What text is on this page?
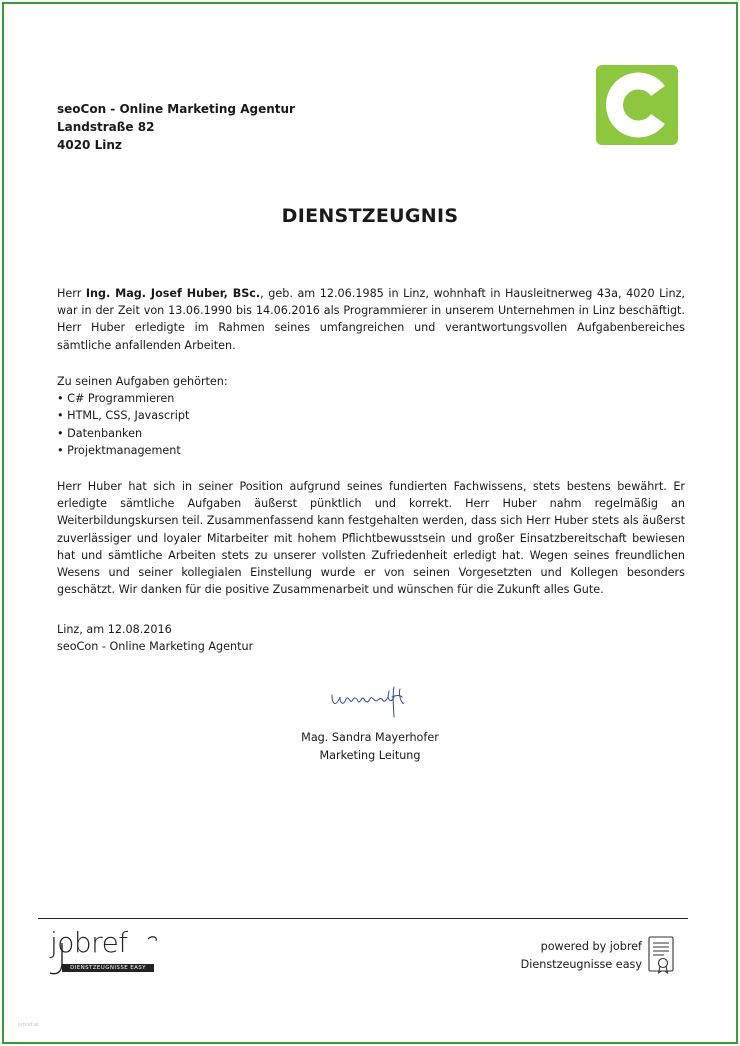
seoCon - Online Marketing Agentur
Landstraße 82
4020 Linz
DIENSTZEUGNIS
Herr Ing. Mag. Josef Huber, BSc., geb. am 12.06.1985 in Linz, wohnhaft in Hausleitnerweg 43a, 4020 Linz, war in der Zeit von 13.06.1990 bis 14.06.2016 als Programmierer in unserem Unternehmen in Linz beschäftigt. Herr Huber erledigte im Rahmen seines umfangreichen und verantwortungsvollen Aufgabenbereiches sämtliche anfallenden Arbeiten.
Zu seinen Aufgaben gehörten:
• C# Programmieren
• HTML, CSS, Javascript
• Datenbanken
• Projektmanagement
Herr Huber hat sich in seiner Position aufgrund seines fundierten Fachwissens, stets bestens bewährt. Er erledigte sämtliche Aufgaben äußerst pünktlich und korrekt. Herr Huber nahm regelmäßig an Weiterbildungskursen teil. Zusammenfassend kann festgehalten werden, dass sich Herr Huber stets als äußerst zuverlässiger und loyaler Mitarbeiter mit hohem Pflichtbewusstsein und großer Einsatzbereitschaft bewiesen hat und sämtliche Arbeiten stets zu unserer vollsten Zufriedenheit erledigt hat. Wegen seines freundlichen Wesens und seiner kollegialen Einstellung wurde er von seinen Vorgesetzten und Kollegen besonders geschätzt. Wir danken für die positive Zusammenarbeit und wünschen für die Zukunft alles Gute.
Linz, am 12.08.2016
seoCon - Online Marketing Agentur
Mag. Sandra Mayerhofer
Marketing Leitung
jobref
DIENSTZEUGNISSE EASY
powered by jobref
Dienstzeugnisse easy
jobref.at
